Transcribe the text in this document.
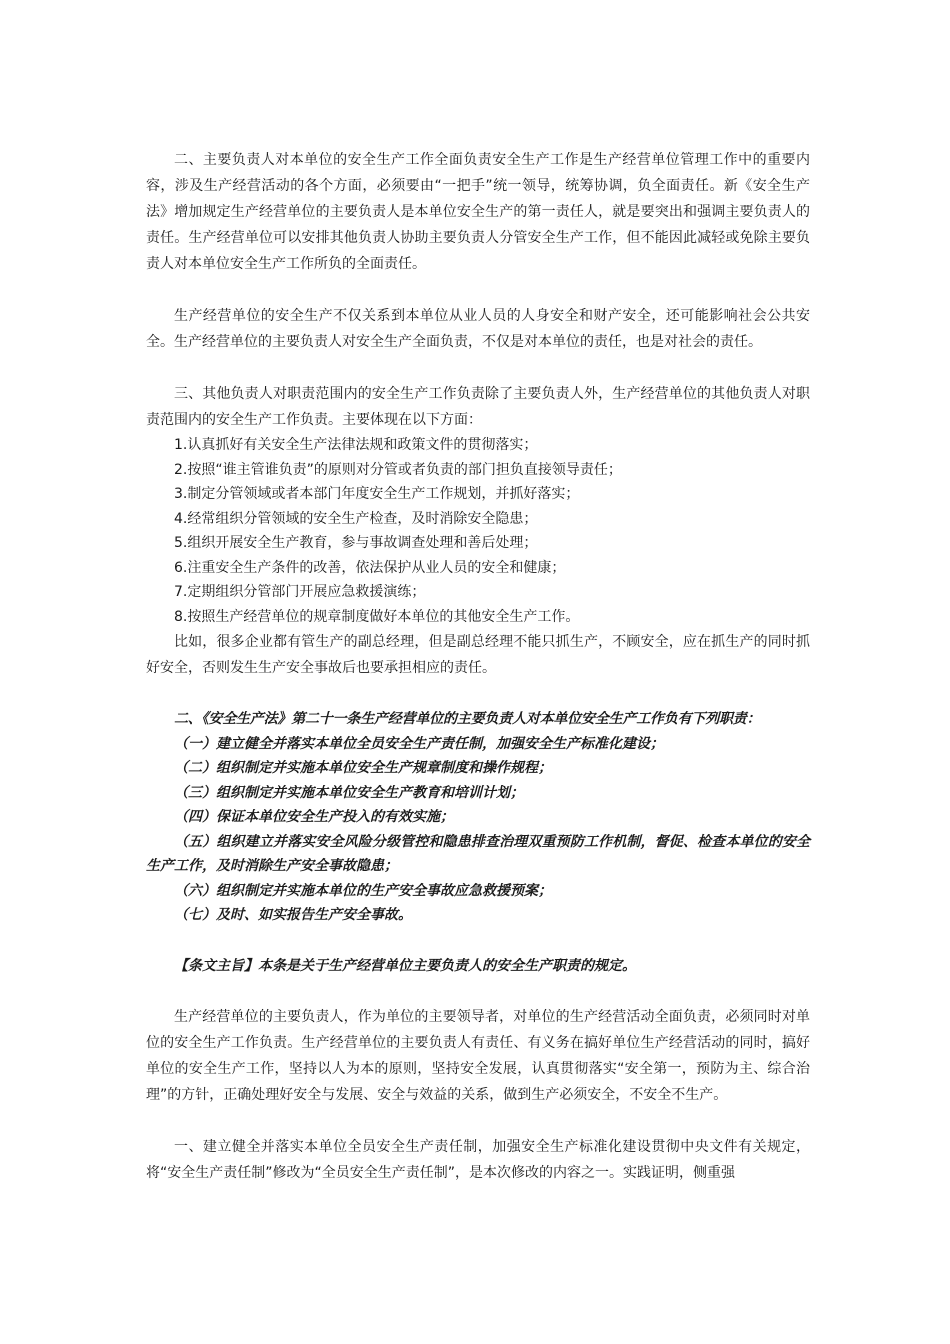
二、主要负责人对本单位的安全生产工作全面负责安全生产工作是生产经营单位管理工作中的重要内容，涉及生产经营活动的各个方面，必须要由“一把手”统一领导，统筹协调，负全面责任。新《安全生产法》增加规定生产经营单位的主要负责人是本单位安全生产的第一责任人，就是要突出和强调主要负责人的责任。生产经营单位可以安排其他负责人协助主要负责人分管安全生产工作，但不能因此减轻或免除主要负责人对本单位安全生产工作所负的全面责任。

生产经营单位的安全生产不仅关系到本单位从业人员的人身安全和财产安全，还可能影响社会公共安全。生产经营单位的主要负责人对安全生产全面负责，不仅是对本单位的责任，也是对社会的责任。

三、其他负责人对职责范围内的安全生产工作负责除了主要负责人外，生产经营单位的其他负责人对职责范围内的安全生产工作负责。主要体现在以下方面：

1.认真抓好有关安全生产法律法规和政策文件的贯彻落实；

2.按照“谁主管谁负责”的原则对分管或者负责的部门担负直接领导责任；

3.制定分管领域或者本部门年度安全生产工作规划，并抓好落实；

4.经常组织分管领域的安全生产检查，及时消除安全隐患；

5.组织开展安全生产教育，参与事故调查处理和善后处理；

6.注重安全生产条件的改善，依法保护从业人员的安全和健康；

7.定期组织分管部门开展应急救援演练；

8.按照生产经营单位的规章制度做好本单位的其他安全生产工作。

比如，很多企业都有管生产的副总经理，但是副总经理不能只抓生产，不顾安全，应在抓生产的同时抓好安全，否则发生生产安全事故后也要承担相应的责任。

二、《安全生产法》第二十一条生产经营单位的主要负责人对本单位安全生产工作负有下列职责：

（一）建立健全并落实本单位全员安全生产责任制，加强安全生产标准化建设；

（二）组织制定并实施本单位安全生产规章制度和操作规程；

（三）组织制定并实施本单位安全生产教育和培训计划；

（四）保证本单位安全生产投入的有效实施；

（五）组织建立并落实安全风险分级管控和隐患排查治理双重预防工作机制，督促、检查本单位的安全生产工作，及时消除生产安全事故隐患；

（六）组织制定并实施本单位的生产安全事故应急救援预案；

（七）及时、如实报告生产安全事故。

【条文主旨】本条是关于生产经营单位主要负责人的安全生产职责的规定。

生产经营单位的主要负责人，作为单位的主要领导者，对单位的生产经营活动全面负责，必须同时对单位的安全生产工作负责。生产经营单位的主要负责人有责任、有义务在搞好单位生产经营活动的同时，搞好单位的安全生产工作，坚持以人为本的原则，坚持安全发展，认真贯彻落实“安全第一，预防为主、综合治理”的方针，正确处理好安全与发展、安全与效益的关系，做到生产必须安全，不安全不生产。

一、建立健全并落实本单位全员安全生产责任制，加强安全生产标准化建设贯彻中央文件有关规定，将“安全生产责任制”修改为“全员安全生产责任制”，是本次修改的内容之一。实践证明，侧重强
